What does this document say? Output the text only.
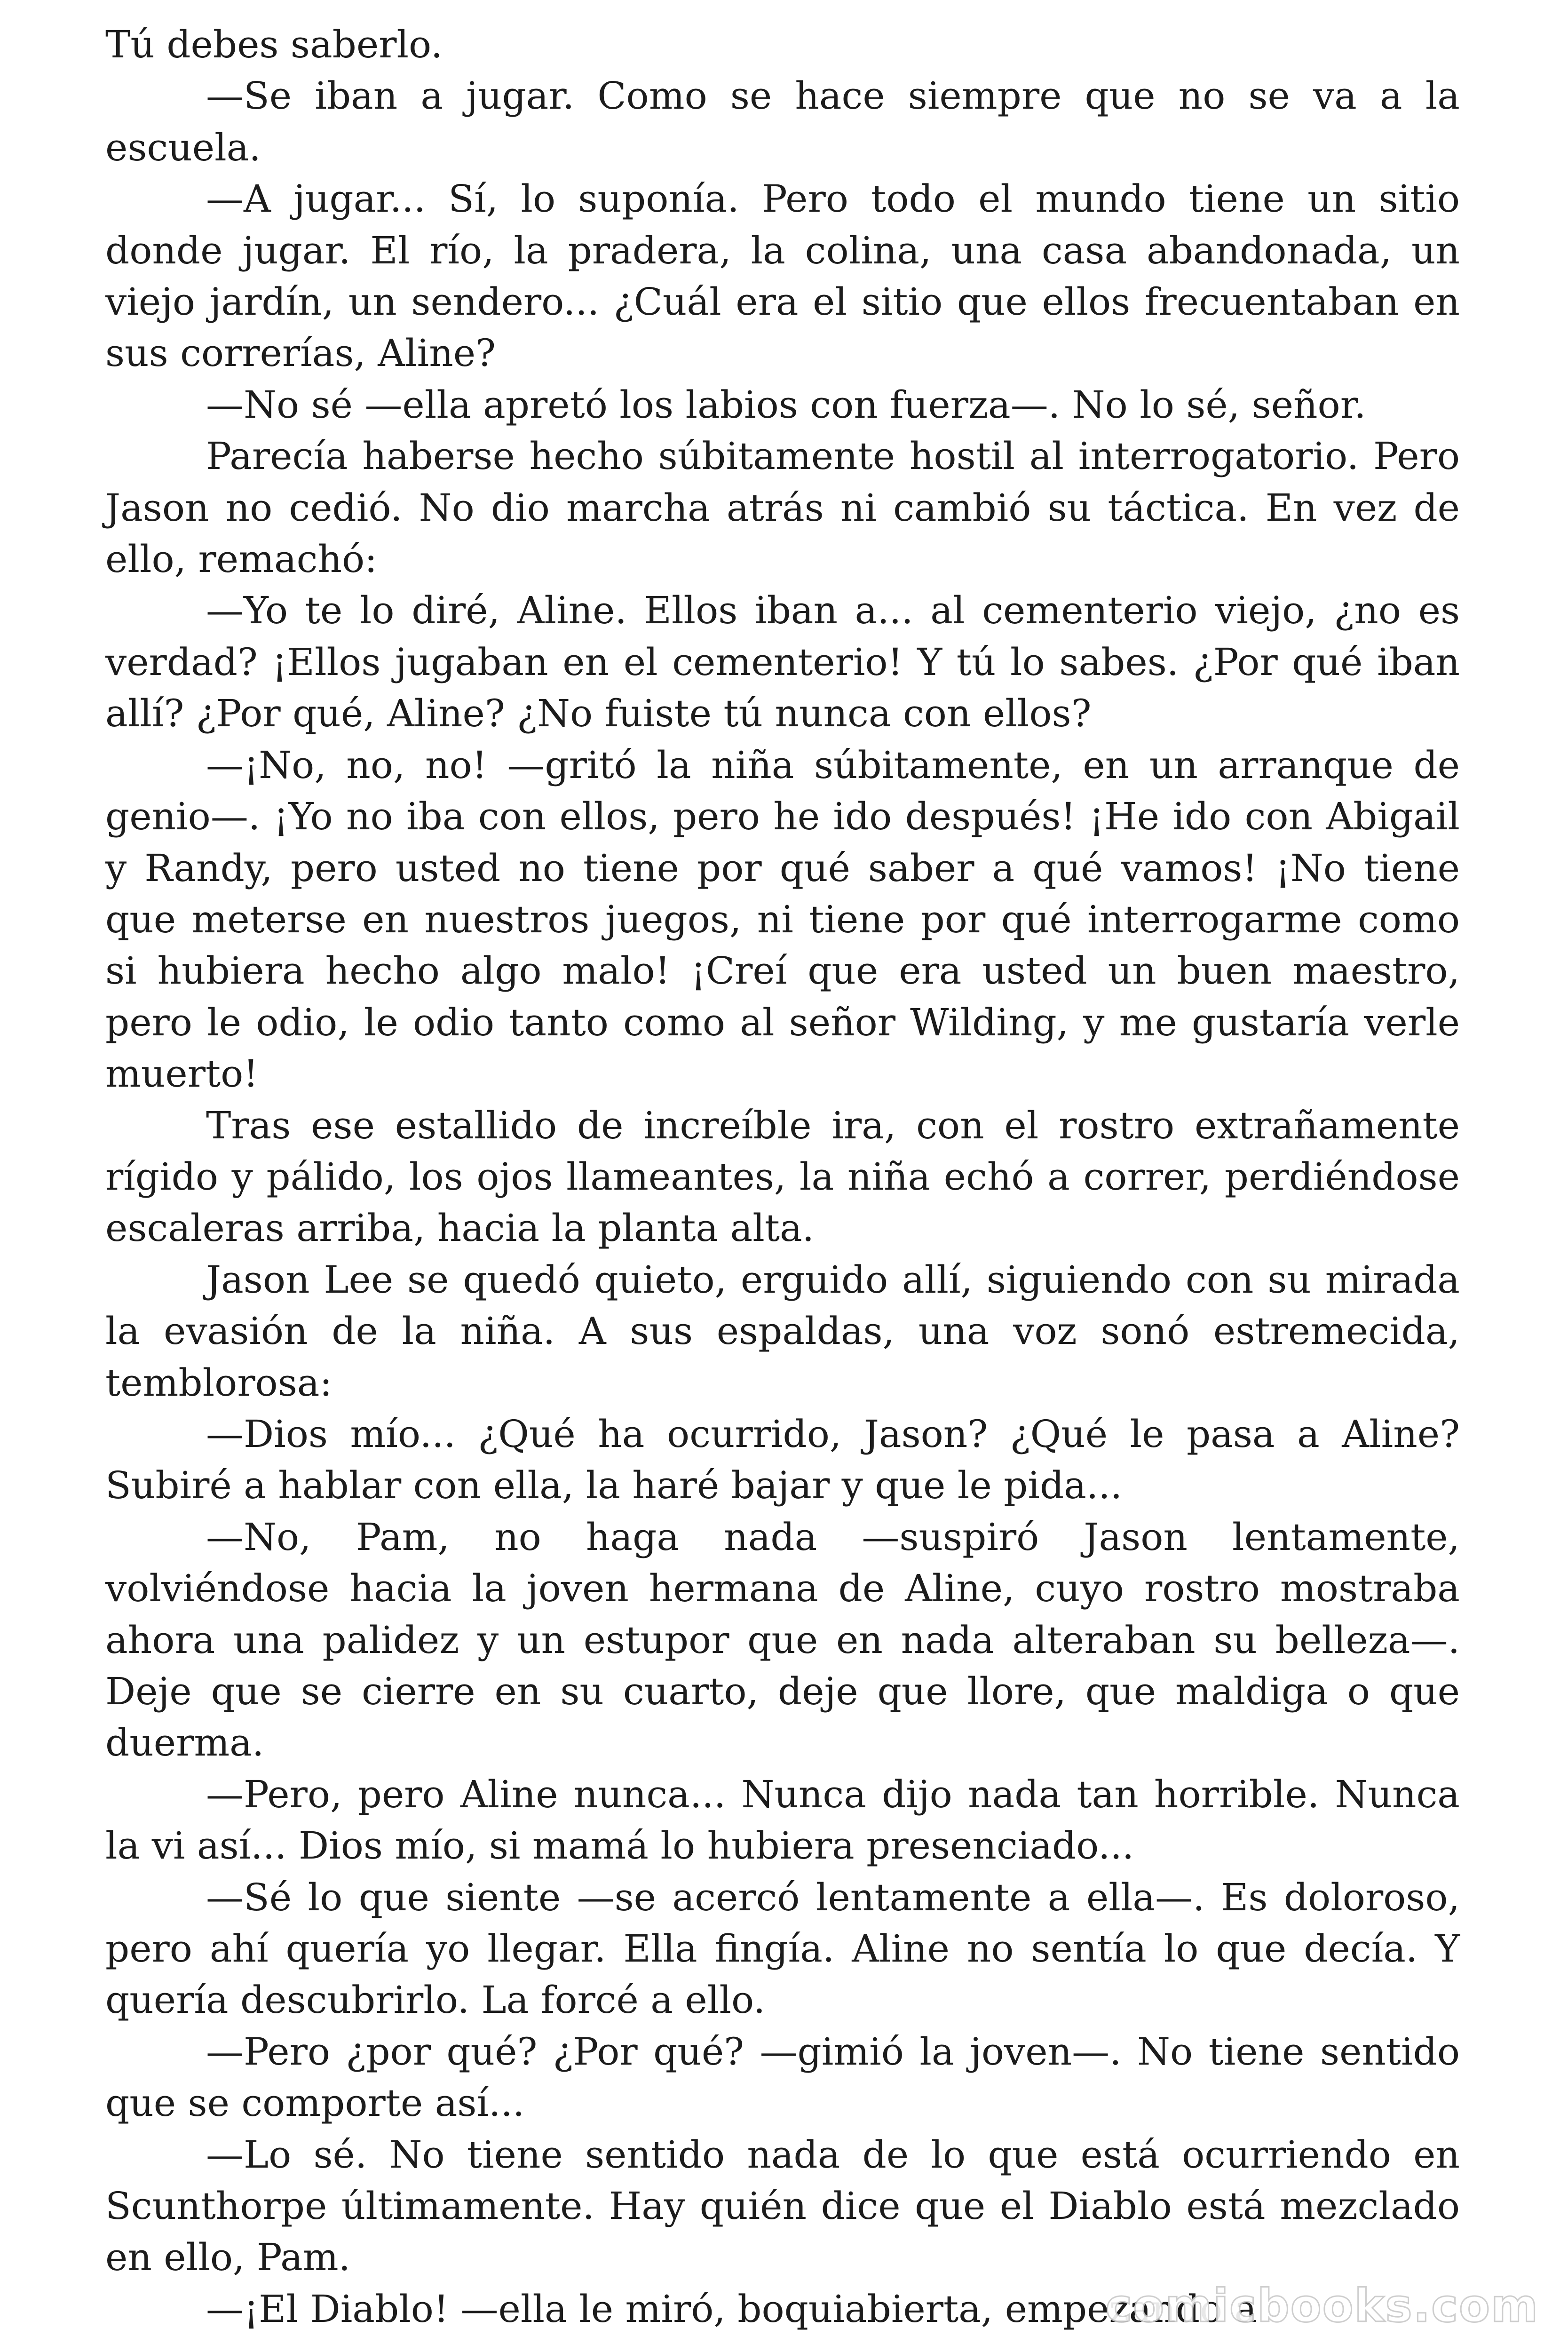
Tú debes saberlo.

—Se iban a jugar. Como se hace siempre que no se va a la escuela.

—A jugar... Sí, lo suponía. Pero todo el mundo tiene un sitio donde jugar. El río, la pradera, la colina, una casa abandonada, un viejo jardín, un sendero... ¿Cuál era el sitio que ellos frecuentaban en sus correrías, Aline?

—No sé —ella apretó los labios con fuerza—. No lo sé, señor.

Parecía haberse hecho súbitamente hostil al interrogatorio. Pero Jason no cedió. No dio marcha atrás ni cambió su táctica. En vez de ello, remachó:

—Yo te lo diré, Aline. Ellos iban a... al cementerio viejo, ¿no es verdad? ¡Ellos jugaban en el cementerio! Y tú lo sabes. ¿Por qué iban allí? ¿Por qué, Aline? ¿No fuiste tú nunca con ellos?

—¡No, no, no! —gritó la niña súbitamente, en un arranque de genio—. ¡Yo no iba con ellos, pero he ido después! ¡He ido con Abigail y Randy, pero usted no tiene por qué saber a qué vamos! ¡No tiene que meterse en nuestros juegos, ni tiene por qué interrogarme como si hubiera hecho algo malo! ¡Creí que era usted un buen maestro, pero le odio, le odio tanto como al señor Wilding, y me gustaría verle muerto!

Tras ese estallido de increíble ira, con el rostro extrañamente rígido y pálido, los ojos llameantes, la niña echó a correr, perdiéndose escaleras arriba, hacia la planta alta.

Jason Lee se quedó quieto, erguido allí, siguiendo con su mirada la evasión de la niña. A sus espaldas, una voz sonó estremecida, temblorosa:

—Dios mío... ¿Qué ha ocurrido, Jason? ¿Qué le pasa a Aline? Subiré a hablar con ella, la haré bajar y que le pida...

—No, Pam, no haga nada —suspiró Jason lentamente, volviéndose hacia la joven hermana de Aline, cuyo rostro mostraba ahora una palidez y un estupor que en nada alteraban su belleza—. Deje que se cierre en su cuarto, deje que llore, que maldiga o que duerma.

—Pero, pero Aline nunca... Nunca dijo nada tan horrible. Nunca la vi así... Dios mío, si mamá lo hubiera presenciado...

—Sé lo que siente —se acercó lentamente a ella—. Es doloroso, pero ahí quería yo llegar. Ella fingía. Aline no sentía lo que decía. Y quería descubrirlo. La forcé a ello.

—Pero ¿por qué? ¿Por qué? —gimió la joven—. No tiene sentido que se comporte así...

—Lo sé. No tiene sentido nada de lo que está ocurriendo en Scunthorpe últimamente. Hay quién dice que el Diablo está mezclado en ello, Pam.

—¡El Diablo! —ella le miró, boquiabierta, empezando a

comicbooks.com
